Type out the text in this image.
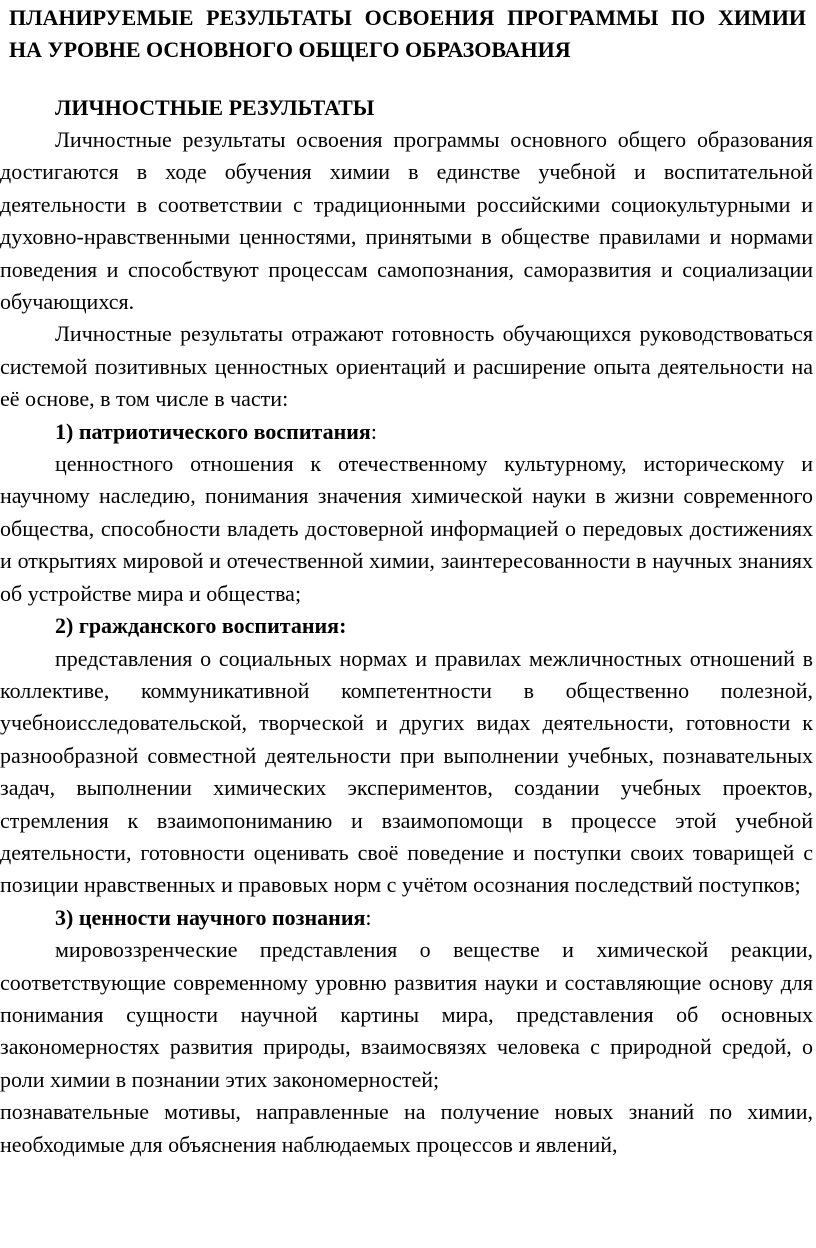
ПЛАНИРУЕМЫЕ РЕЗУЛЬТАТЫ ОСВОЕНИЯ ПРОГРАММЫ ПО ХИМИИ НА УРОВНЕ ОСНОВНОГО ОБЩЕГО ОБРАЗОВАНИЯ
ЛИЧНОСТНЫЕ РЕЗУЛЬТАТЫ

Личностные результаты освоения программы основного общего образования достигаются в ходе обучения химии в единстве учебной и воспитательной деятельности в соответствии с традиционными российскими социокультурными и духовно-нравственными ценностями, принятыми в обществе правилами и нормами поведения и способствуют процессам самопознания, саморазвития и социализации обучающихся.

Личностные результаты отражают готовность обучающихся руководствоваться системой позитивных ценностных ориентаций и расширение опыта деятельности на её основе, в том числе в части:

1) патриотического воспитания:

ценностного отношения к отечественному культурному, историческому и научному наследию, понимания значения химической науки в жизни современного общества, способности владеть достоверной информацией о передовых достижениях и открытиях мировой и отечественной химии, заинтересованности в научных знаниях об устройстве мира и общества;

2) гражданского воспитания:

представления о социальных нормах и правилах межличностных отношений в коллективе, коммуникативной компетентности в общественно полезной, учебноисследовательской, творческой и других видах деятельности, готовности к разнообразной совместной деятельности при выполнении учебных, познавательных задач, выполнении химических экспериментов, создании учебных проектов, стремления к взаимопониманию и взаимопомощи в процессе этой учебной деятельности, готовности оценивать своё поведение и поступки своих товарищей с позиции нравственных и правовых норм с учётом осознания последствий поступков;

3) ценности научного познания:

мировоззренческие представления о веществе и химической реакции, соответствующие современному уровню развития науки и составляющие основу для понимания сущности научной картины мира, представления об основных закономерностях развития природы, взаимосвязях человека с природной средой, о роли химии в познании этих закономерностей;

познавательные мотивы, направленные на получение новых знаний по химии, необходимые для объяснения наблюдаемых процессов и явлений,
